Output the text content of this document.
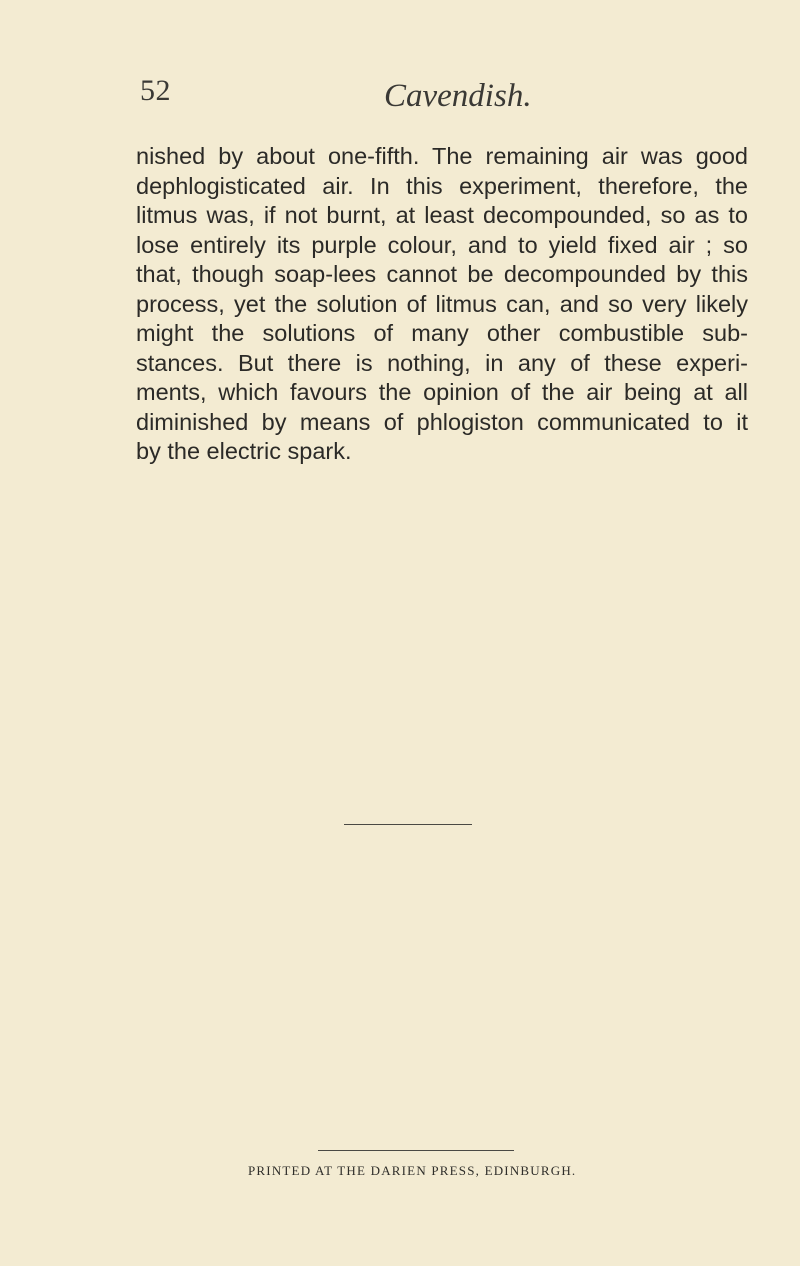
52	Cavendish.
nished by about one-fifth. The remaining air was good
dephlogisticated air. In this experiment, therefore, the
litmus was, if not burnt, at least decompounded, so as to
lose entirely its purple colour, and to yield fixed air ; so
that, though soap-lees cannot be decompounded by this
process, yet the solution of litmus can, and so very likely
might the solutions of many other combustible sub-
stances. But there is nothing, in any of these experi-
ments, which favours the opinion of the air being at all
diminished by means of phlogiston communicated to it
by the electric spark.
PRINTED AT THE DARIEN PRESS, EDINBURGH.
